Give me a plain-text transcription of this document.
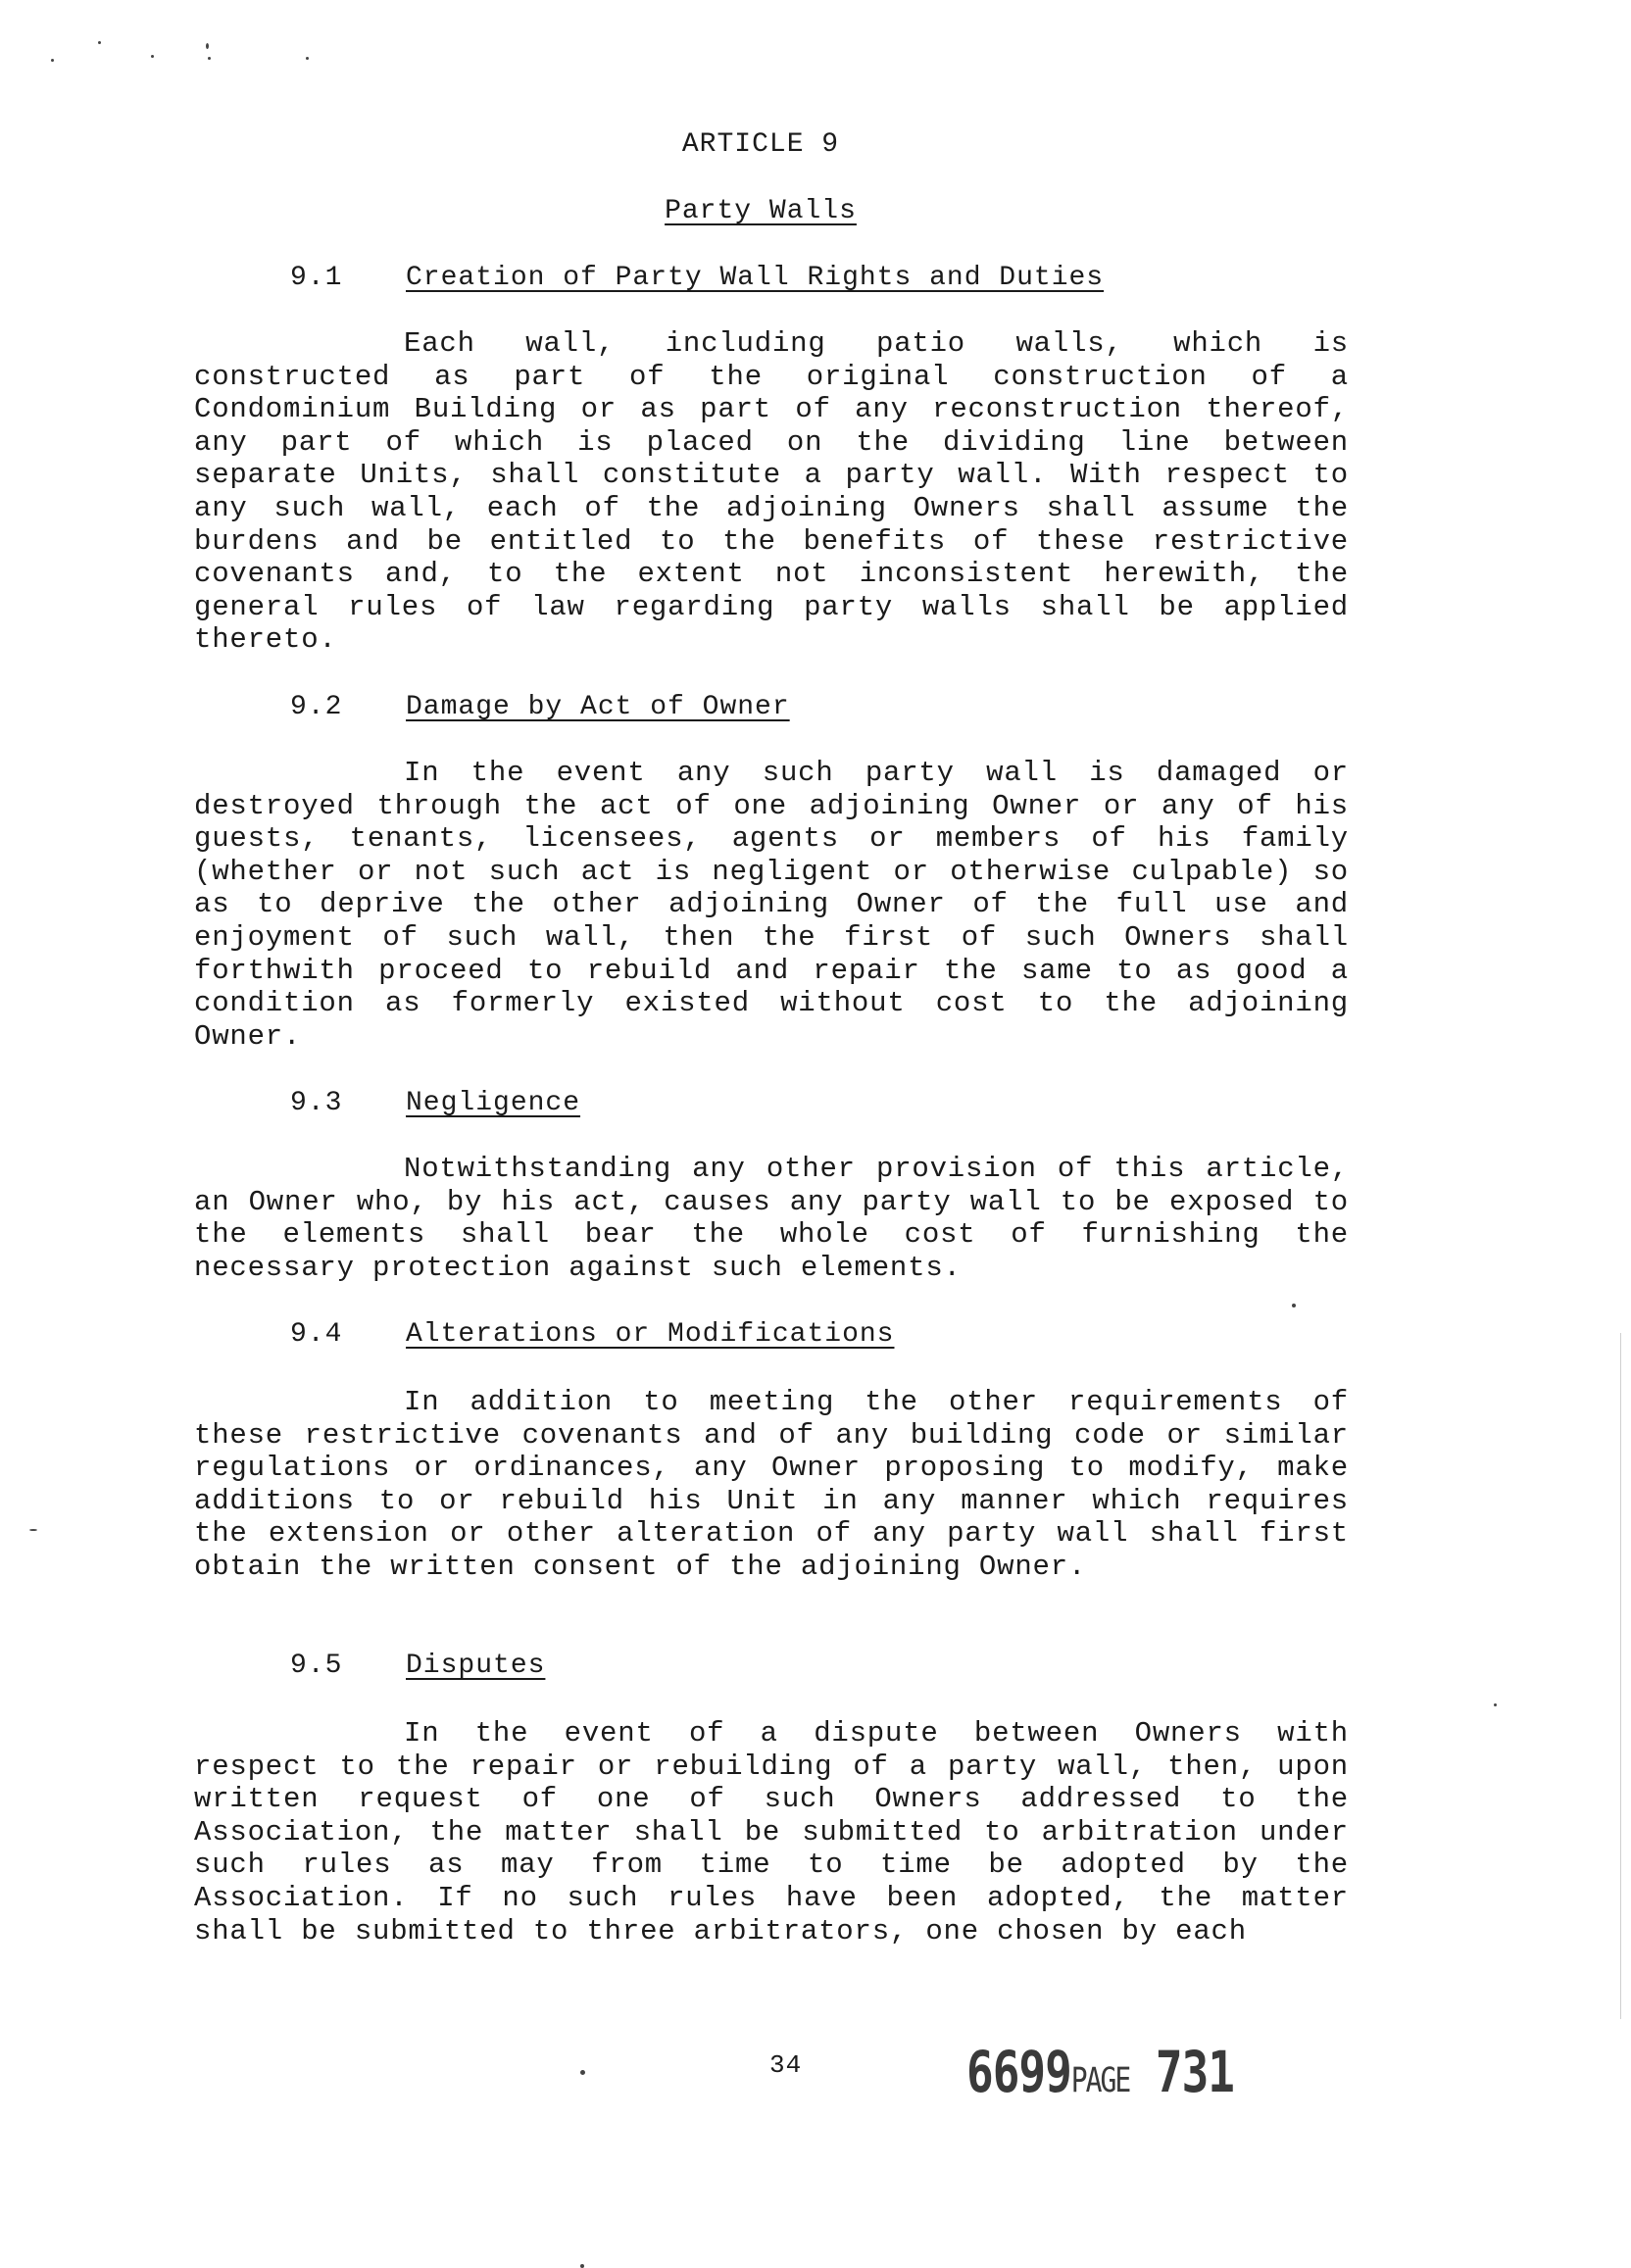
ARTICLE 9
Party Walls
9.1 Creation of Party Wall Rights and Duties
Each wall, including patio walls, which is constructed as part of the original construction of a Condominium Building or as part of any reconstruction thereof, any part of which is placed on the dividing line between separate Units, shall constitute a party wall. With respect to any such wall, each of the adjoining Owners shall assume the burdens and be entitled to the benefits of these restrictive covenants and, to the extent not inconsistent herewith, the general rules of law regarding party walls shall be applied thereto.
9.2 Damage by Act of Owner
In the event any such party wall is damaged or destroyed through the act of one adjoining Owner or any of his guests, tenants, licensees, agents or members of his family (whether or not such act is negligent or otherwise culpable) so as to deprive the other adjoining Owner of the full use and enjoyment of such wall, then the first of such Owners shall forthwith proceed to rebuild and repair the same to as good a condition as formerly existed without cost to the adjoining Owner.
9.3 Negligence
Notwithstanding any other provision of this article, an Owner who, by his act, causes any party wall to be exposed to the elements shall bear the whole cost of furnishing the necessary protection against such elements.
9.4 Alterations or Modifications
In addition to meeting the other requirements of these restrictive covenants and of any building code or similar regulations or ordinances, any Owner proposing to modify, make additions to or rebuild his Unit in any manner which requires the extension or other alteration of any party wall shall first obtain the written consent of the adjoining Owner.
9.5 Disputes
In the event of a dispute between Owners with respect to the repair or rebuilding of a party wall, then, upon written request of one of such Owners addressed to the Association, the matter shall be submitted to arbitration under such rules as may from time to time be adopted by the Association. If no such rules have been adopted, the matter shall be submitted to three arbitrators, one chosen by each
34	6699PAGE 731
